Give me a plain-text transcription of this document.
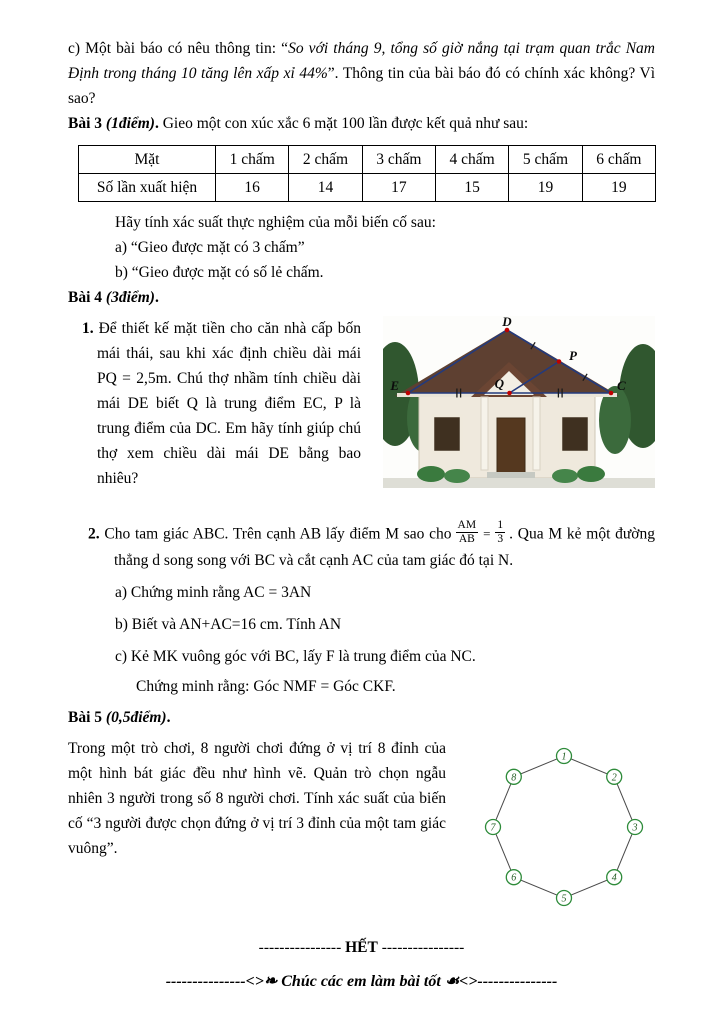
c) Một bài báo có nêu thông tin: “So với tháng 9, tổng số giờ nắng tại trạm quan trắc Nam Định trong tháng 10 tăng lên xấp xỉ 44%”. Thông tin của bài báo đó có chính xác không? Vì sao?

Bài 3 (1điểm). Gieo một con xúc xắc 6 mặt 100 lần được kết quả như sau:

Mặt	1 chấm	2 chấm	3 chấm	4 chấm	5 chấm	6 chấm
Số lần xuất hiện	16	14	17	15	19	19

Hãy tính xác suất thực nghiệm của mỗi biến cố sau:

a) “Gieo được mặt có 3 chấm”

b) “Gieo được mặt có số lẻ chấm.

Bài 4 (3điểm).

1. Để thiết kế mặt tiền cho căn nhà cấp bốn mái thái, sau khi xác định chiều dài mái PQ = 2,5m. Chú thợ nhầm tính chiều dài mái DE biết Q là trung điểm EC, P là trung điểm của DC. Em hãy tính giúp chú thợ xem chiều dài mái DE bằng bao nhiêu?

D
P
Q
E	C

2. Cho tam giác ABC. Trên cạnh AB lấy điểm M sao cho $\frac{AM}{AB} = \frac{1}{3}$ . Qua M kẻ một đường thẳng d song song với BC và cắt cạnh AC của tam giác đó tại N.

a) Chứng minh rằng AC = 3AN

b) Biết và AN+AC=16 cm. Tính AN

c) Kẻ MK vuông góc với BC, lấy F là trung điểm của NC.

Chứng minh rằng: Góc NMF = Góc CKF.

Bài 5 (0,5điểm).

Trong một trò chơi, 8 người chơi đứng ở vị trí 8 đỉnh của một hình bát giác đều như hình vẽ. Quản trò chọn ngẫu nhiên 3 người trong số 8 người chơi. Tính xác suất của biến cố “3 người được chọn đứng ở vị trí 3 đỉnh của một tam giác vuông”.

1
2
3
4
5
6
7
8

---------------- HẾT ----------------

---------------<>❧ Chúc các em làm bài tốt ☙<>---------------
